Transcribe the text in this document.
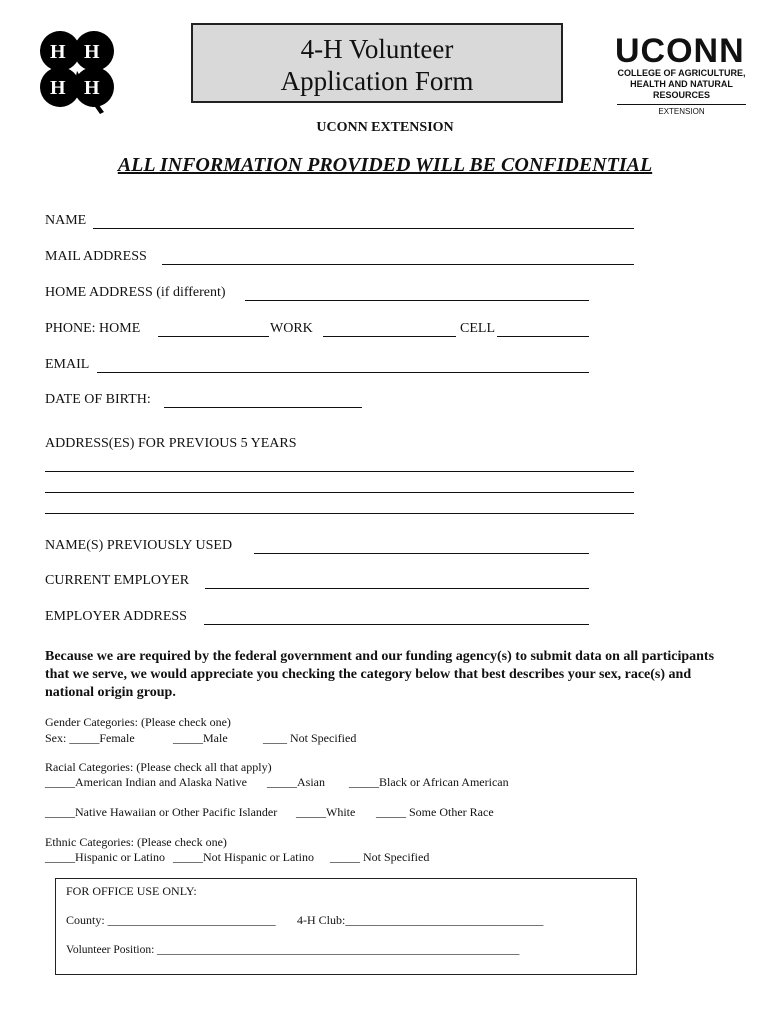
H H
H H
4-H Volunteer
Application Form
UCONN
COLLEGE OF AGRICULTURE,
HEALTH AND NATURAL
RESOURCES
EXTENSION
UCONN EXTENSION
ALL INFORMATION PROVIDED WILL BE CONFIDENTIAL
NAME
MAIL ADDRESS
HOME ADDRESS (if different)
PHONE: HOME	WORK	CELL
EMAIL
DATE OF BIRTH:
ADDRESS(ES) FOR PREVIOUS 5 YEARS
NAME(S) PREVIOUSLY USED
CURRENT EMPLOYER
EMPLOYER ADDRESS
Because we are required by the federal government and our funding agency(s) to submit data on all participants that we serve, we would appreciate you checking the category below that best describes your sex, race(s) and national origin group.
Gender Categories: (Please check one)
Sex: _____Female	_____Male	____ Not Specified
Racial Categories: (Please check all that apply)
_____American Indian and Alaska Native _____Asian _____Black or African American
_____Native Hawaiian or Other Pacific Islander _____White _____ Some Other Race
Ethnic Categories: (Please check one)
_____Hispanic or Latino _____Not Hispanic or Latino _____ Not Specified
FOR OFFICE USE ONLY:
County: ____________________________ 4-H Club:_________________________________
Volunteer Position: _______________________________________________________________
